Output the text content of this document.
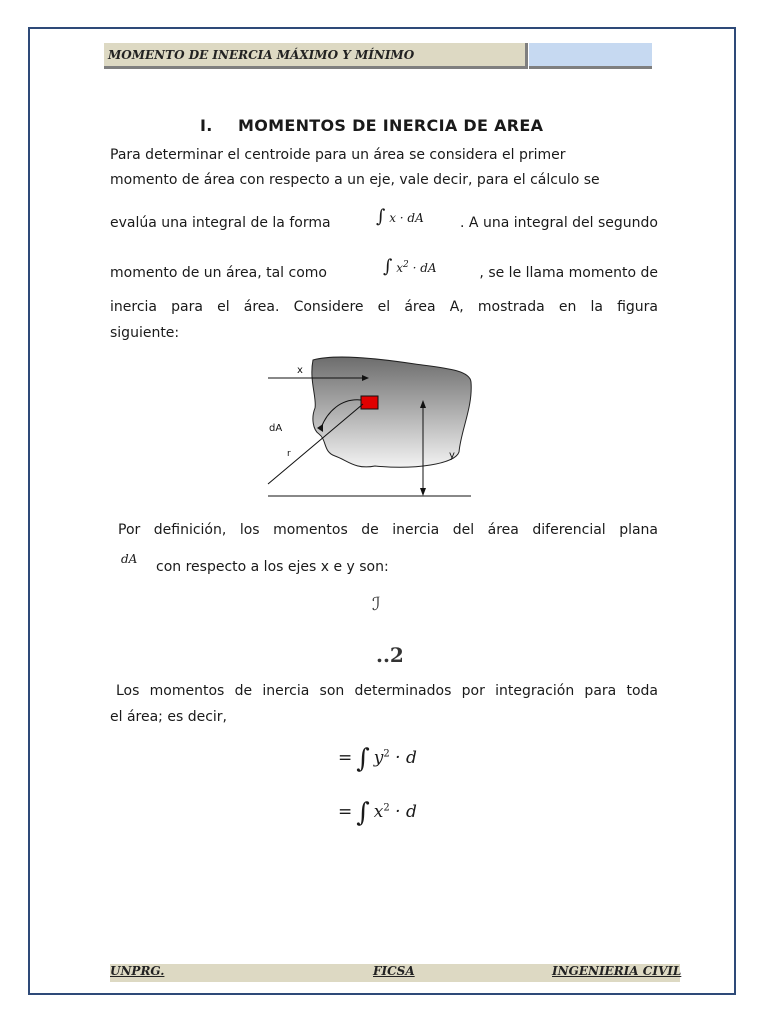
MOMENTO DE INERCIA MÁXIMO Y MÍNIMO
I. MOMENTOS DE INERCIA DE AREA
Para determinar el centroide para un área se considera el primer
momento de área con respecto a un eje, vale decir, para el cálculo se
evalúa una integral de la forma	∫ x · dA	. A una integral del segundo
momento de un área, tal como	∫ $x^2$ · dA	, se le llama momento de
inercia para el área. Considere el área A, mostrada en la figura
siguiente:
x
r
dA
y
Por definición, los momentos de inercia del área diferencial plana
dA con respecto a los ejes x e y son:
ℐ
..2
Los momentos de inercia son determinados por integración para toda
el área; es decir,
= ∫ $y^2 \cdot d$
= ∫ $x^2 \cdot d$
UNPRG.	FICSA	INGENIERIA CIVIL
